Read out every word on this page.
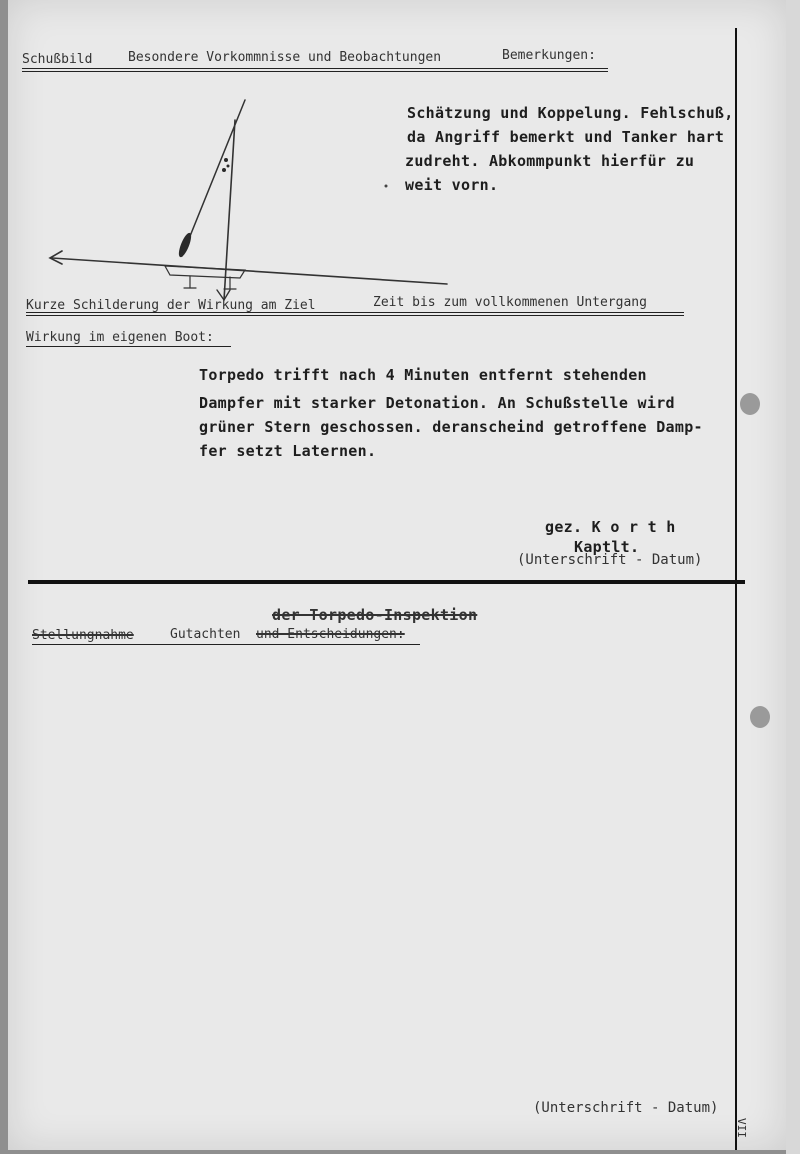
Schußbild	Besondere Vorkommnisse und Beobachtungen	Bemerkungen:
Schätzung und Koppelung. Fehlschuß,
da Angriff bemerkt und Tanker hart
zudreht. Abkommpunkt hierfür zu
weit vorn.
Kurze Schilderung der Wirkung am Ziel	Zeit bis zum vollkommenen Untergang
Wirkung im eigenen Boot:
Torpedo trifft nach 4 Minuten entfernt stehenden
Dampfer mit starker Detonation. An Schußstelle wird
grüner Stern geschossen. deranscheind getroffene Damp-
fer setzt Laternen.
gez. K o r t h
Kaptlt.
(Unterschrift - Datum)
der Torpedo-Inspektion
Stellungnahme	Gutachten und Entscheidungen:
(Unterschrift - Datum)
VII
